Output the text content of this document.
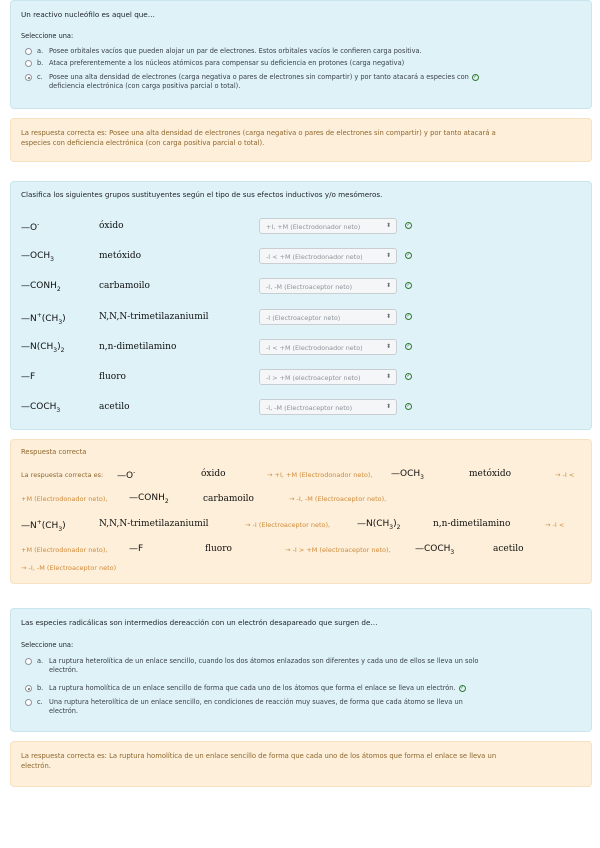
Un reactivo nucleófilo es aquel que…
Seleccione una:
a. Posee orbitales vacíos que pueden alojar un par de electrones. Estos orbitales vacíos le confieren carga positiva.
b. Ataca preferentemente a los núcleos atómicos para compensar su deficiencia en protones (carga negativa)
c. Posee una alta densidad de electrones (carga negativa o pares de electrones sin compartir) y por tanto atacará a especies con ✓
deficiencia electrónica (con carga positiva parcial o total).
La respuesta correcta es: Posee una alta densidad de electrones (carga negativa o pares de electrones sin compartir) y por tanto atacará a
especies con deficiencia electrónica (con carga positiva parcial o total).
Clasifica los siguientes grupos sustituyentes según el tipo de sus efectos inductivos y/o mesómeros.
—O-	óxido	+I, +M (Electrodonador neto)	⬍	✓
$—OCH_3$	metóxido	-I < +M (Electrodonador neto)	⬍	✓
$—CONH_2$	carbamoilo	-I, -M (Electroaceptor neto)	⬍	✓
$—N^+(CH_3)$	N,N,N-trimetilazaniumil	-I (Electroaceptor neto)	⬍	✓
$—N(CH_3)_2$	n,n-dimetilamino	-I < +M (Electrodonador neto)	⬍	✓
—F	fluoro	-I > +M (electroaceptor neto)	⬍	✓
$—COCH_3$	acetilo	-I, -M (Electroaceptor neto)	⬍	✓
Respuesta correcta
La respuesta correcta es: —O-	óxido	→ +I, +M (Electrodonador neto), $—OCH_3$	metóxido	→ -I <
+M (Electrodonador neto), $—CONH_2$	carbamoilo	→ -I, -M (Electroaceptor neto),
$—N^+(CH_3)$	N,N,N-trimetilazaniumil	→ -I (Electroaceptor neto),	$—N(CH_3)_2$	n,n-dimetilamino	→ -I <
+M (Electrodonador neto), —F	fluoro	→ -I > +M (electroaceptor neto),	$—COCH_3$	acetilo
→ -I, -M (Electroaceptor neto)
Las especies radicálicas son intermedios dereacción con un electrón desapareado que surgen de…
Seleccione una:
a. La ruptura heterolítica de un enlace sencillo, cuando los dos átomos enlazados son diferentes y cada uno de ellos se lleva un solo
electrón.
b. La ruptura homolítica de un enlace sencillo de forma que cada uno de los átomos que forma el enlace se lleva un electrón. ✓
c. Una ruptura heterolítica de un enlace sencillo, en condiciones de reacción muy suaves, de forma que cada átomo se lleva un
electrón.
La respuesta correcta es: La ruptura homolítica de un enlace sencillo de forma que cada uno de los átomos que forma el enlace se lleva un
electrón.
